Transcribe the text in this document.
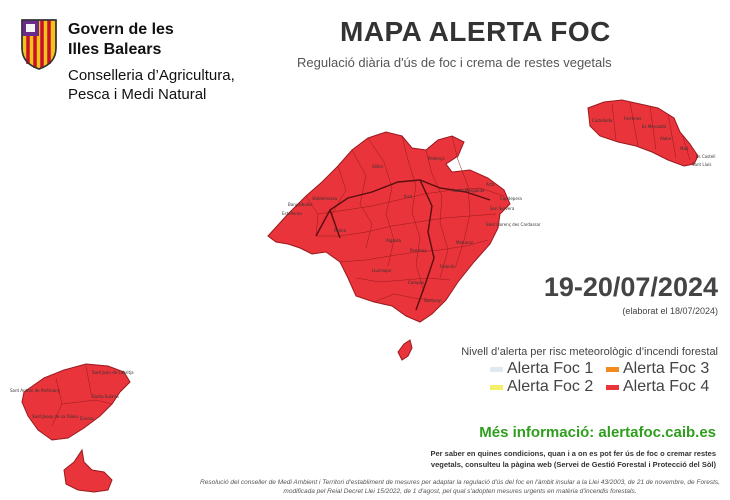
Govern de les
Illes Balears
Conselleria d’Agricultura,
Pesca i Medi Natural
MAPA ALERTA FOC
Regulació diària d'ús de foc i crema de restes vegetals
Banyalbufar
Estellencs
Valldemossa
Sóller
Santa Margalida
Artà
Capdepera
Son Servera
Sant Llorenç des Cardassar
Manacor
Felanitx
Llucmajor
Campos
Santanyí
Algaida
Porreres
Palma
Inca
Pollença
Ciutadella	Ferreries
Es Mercadal
Alaior
Maó
Es Castell
Sant Lluís
Sant Joan de Labritja
Sant Antoni de Portmany
Santa Eulària
Sant Josep de sa Talaia Eivissa
19-20/07/2024
(elaborat el 18/07/2024)
Nivell d’alerta per risc meteorològic d’incendi forestal
Alerta Foc 1 Alerta Foc 3
Alerta Foc 2 Alerta Foc 4
Més informació: alertafoc.caib.es
Per saber en quines condicions, quan i a on es pot fer ús de foc o cremar restes vegetals, consulteu la pàgina web (Servei de Gestió Forestal i Protecció del Sòl)
Resolució del conseller de Medi Ambient i Territori d'establiment de mesures per adaptar la regulació d'ús del foc en l'àmbit insular a la Llei 43/2003, de 21 de novembre, de Forests, modificada pel Reial Decret Llei 15/2022, de 1 d'agost, pel qual s'adopten mesures urgents en matèria d'incendis forestals.
